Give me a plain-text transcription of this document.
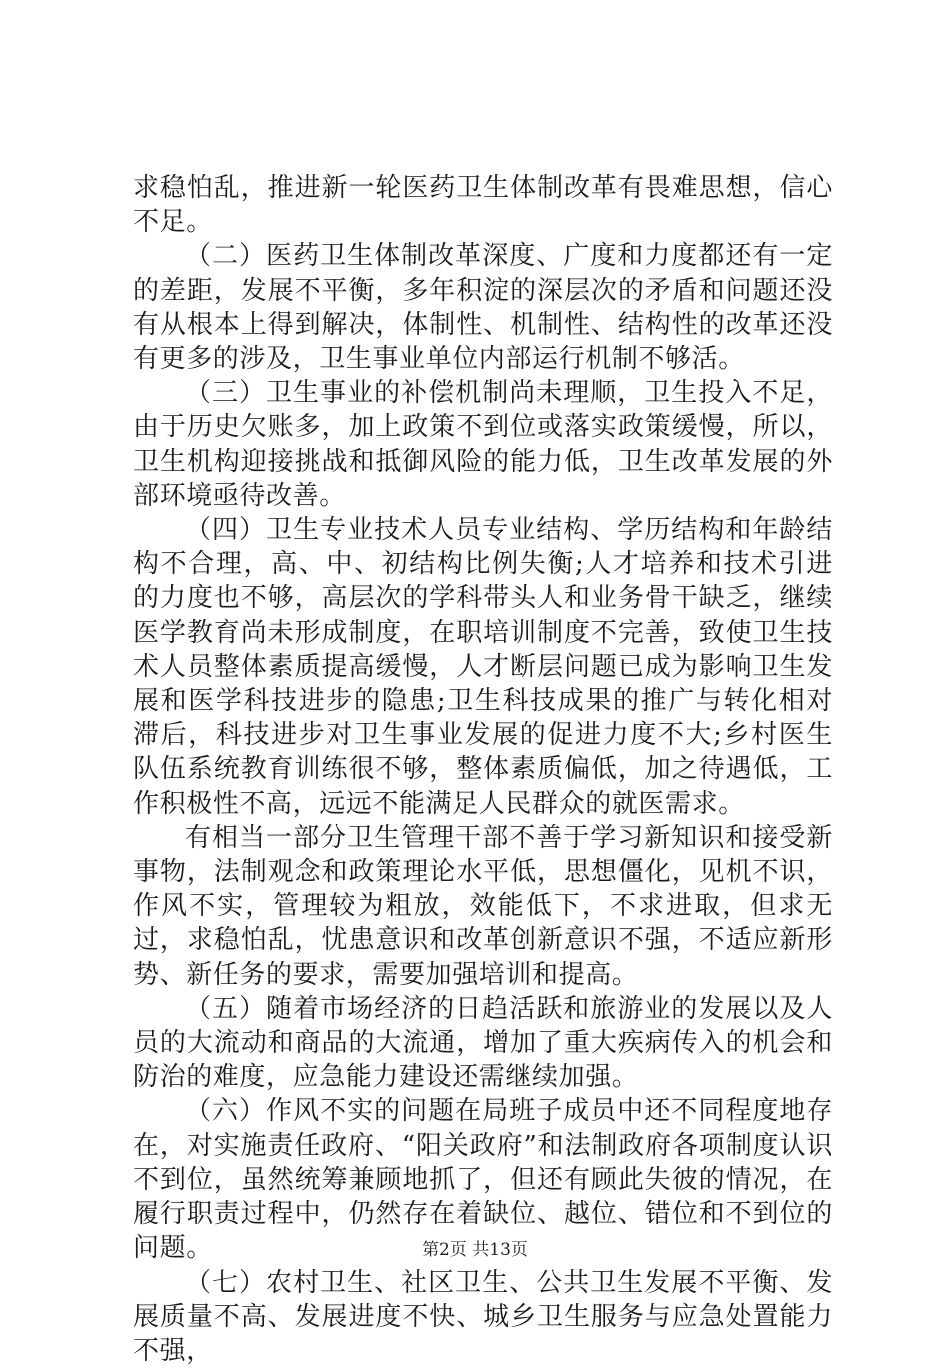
求稳怕乱，推进新一轮医药卫生体制改革有畏难思想，信心不足。

（二）医药卫生体制改革深度、广度和力度都还有一定的差距，发展不平衡，多年积淀的深层次的矛盾和问题还没有从根本上得到解决，体制性、机制性、结构性的改革还没有更多的涉及，卫生事业单位内部运行机制不够活。

（三）卫生事业的补偿机制尚未理顺，卫生投入不足，由于历史欠账多，加上政策不到位或落实政策缓慢，所以，卫生机构迎接挑战和抵御风险的能力低，卫生改革发展的外部环境亟待改善。

（四）卫生专业技术人员专业结构、学历结构和年龄结构不合理，高、中、初结构比例失衡;人才培养和技术引进的力度也不够，高层次的学科带头人和业务骨干缺乏，继续医学教育尚未形成制度，在职培训制度不完善，致使卫生技术人员整体素质提高缓慢，人才断层问题已成为影响卫生发展和医学科技进步的隐患;卫生科技成果的推广与转化相对滞后，科技进步对卫生事业发展的促进力度不大;乡村医生队伍系统教育训练很不够，整体素质偏低，加之待遇低，工作积极性不高，远远不能满足人民群众的就医需求。

有相当一部分卫生管理干部不善于学习新知识和接受新事物，法制观念和政策理论水平低，思想僵化，见机不识，作风不实，管理较为粗放，效能低下，不求进取，但求无过，求稳怕乱，忧患意识和改革创新意识不强，不适应新形势、新任务的要求，需要加强培训和提高。

（五）随着市场经济的日趋活跃和旅游业的发展以及人员的大流动和商品的大流通，增加了重大疾病传入的机会和防治的难度，应急能力建设还需继续加强。

（六）作风不实的问题在局班子成员中还不同程度地存在，对实施责任政府、“阳关政府”和法制政府各项制度认识不到位，虽然统筹兼顾地抓了，但还有顾此失彼的情况，在履行职责过程中，仍然存在着缺位、越位、错位和不到位的问题。

（七）农村卫生、社区卫生、公共卫生发展不平衡、发展质量不高、发展进度不快、城乡卫生服务与应急处置能力不强，

第2页 共13页
